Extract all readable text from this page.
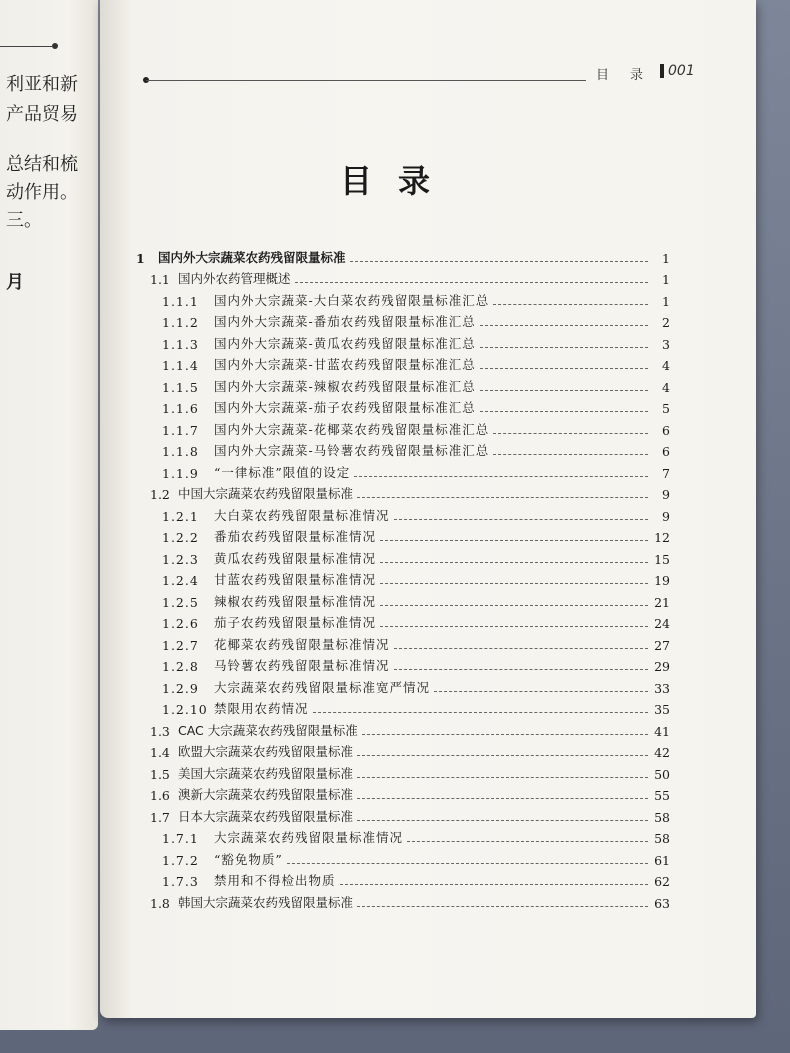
利亚和新
产品贸易
总结和梳
动作用。
三。
月
目　录 001
目录
1	国内外大宗蔬菜农药残留限量标准	1
1.1 国内外农药管理概述	1
1.1.1	国内外大宗蔬菜-大白菜农药残留限量标准汇总	1
1.1.2	国内外大宗蔬菜-番茄农药残留限量标准汇总	2
1.1.3	国内外大宗蔬菜-黄瓜农药残留限量标准汇总	3
1.1.4	国内外大宗蔬菜-甘蓝农药残留限量标准汇总	4
1.1.5	国内外大宗蔬菜-辣椒农药残留限量标准汇总	4
1.1.6	国内外大宗蔬菜-茄子农药残留限量标准汇总	5
1.1.7	国内外大宗蔬菜-花椰菜农药残留限量标准汇总	6
1.1.8	国内外大宗蔬菜-马铃薯农药残留限量标准汇总	6
1.1.9	“一律标准”限值的设定	7
1.2 中国大宗蔬菜农药残留限量标准	9
1.2.1	大白菜农药残留限量标准情况	9
1.2.2	番茄农药残留限量标准情况	12
1.2.3	黄瓜农药残留限量标准情况	15
1.2.4	甘蓝农药残留限量标准情况	19
1.2.5	辣椒农药残留限量标准情况	21
1.2.6	茄子农药残留限量标准情况	24
1.2.7	花椰菜农药残留限量标准情况	27
1.2.8	马铃薯农药残留限量标准情况	29
1.2.9	大宗蔬菜农药残留限量标准宽严情况	33
1.2.10 禁限用农药情况	35
1.3 CAC 大宗蔬菜农药残留限量标准	41
1.4 欧盟大宗蔬菜农药残留限量标准	42
1.5 美国大宗蔬菜农药残留限量标准	50
1.6 澳新大宗蔬菜农药残留限量标准	55
1.7 日本大宗蔬菜农药残留限量标准	58
1.7.1	大宗蔬菜农药残留限量标准情况	58
1.7.2	“豁免物质”	61
1.7.3	禁用和不得检出物质	62
1.8 韩国大宗蔬菜农药残留限量标准	63
